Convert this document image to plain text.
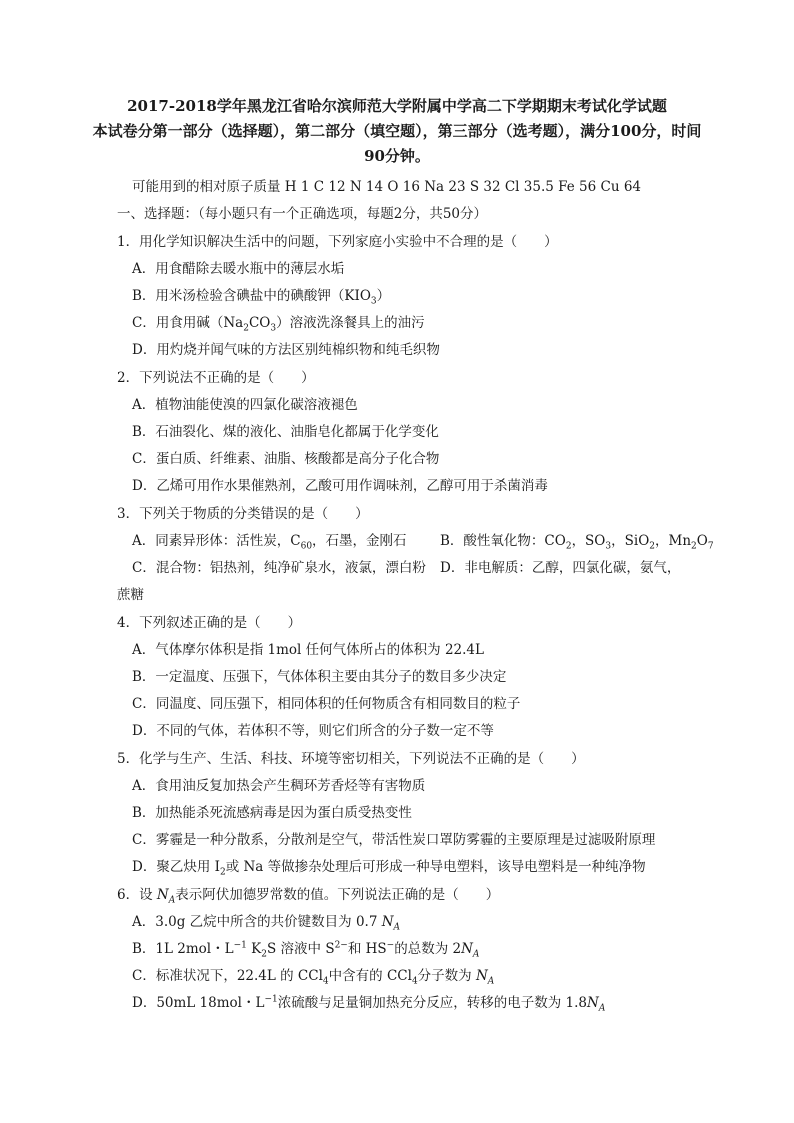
2017-2018学年黑龙江省哈尔滨师范大学附属中学高二下学期期末考试化学试题
本试卷分第一部分（选择题），第二部分（填空题），第三部分（选考题），满分100分，时间
90分钟。
可能用到的相对原子质量 H 1 C 12 N 14 O 16 Na 23 S 32 Cl 35.5 Fe 56 Cu 64
一、选择题：（每小题只有一个正确选项，每题2分，共50分）
1．用化学知识解决生活中的问题，下列家庭小实验中不合理的是（　　）
A．用食醋除去暖水瓶中的薄层水垢
B．用米汤检验含碘盐中的碘酸钾$(KIO_3)$
C．用食用碱$(Na_2CO_3)$溶液洗涤餐具上的油污
D．用灼烧并闻气味的方法区别纯棉织物和纯毛织物
2．下列说法不正确的是（　　）
A．植物油能使溴的四氯化碳溶液褪色
B．石油裂化、煤的液化、油脂皂化都属于化学变化
C．蛋白质、纤维素、油脂、核酸都是高分子化合物
D．乙烯可用作水果催熟剂，乙酸可用作调味剂，乙醇可用于杀菌消毒
3．下列关于物质的分类错误的是（　　）
A．同素异形体：活性炭，$C_{60}$，石墨，金刚石 B．酸性氧化物：$CO_2$，$SO_3$，SiO$_2$，$Mn_2O_7$
C．混合物：铝热剂，纯净矿泉水，液氯，漂白粉 D．非电解质：乙醇，四氯化碳，氨气，
蔗糖
4．下列叙述正确的是（　　）
A．气体摩尔体积是指 1mol 任何气体所占的体积为 22.4L
B．一定温度、压强下，气体体积主要由其分子的数目多少决定
C．同温度、同压强下，相同体积的任何物质含有相同数目的粒子
D．不同的气体，若体积不等，则它们所含的分子数一定不等
5．化学与生产、生活、科技、环境等密切相关，下列说法不正确的是（　　）
A．食用油反复加热会产生稠环芳香烃等有害物质
B．加热能杀死流感病毒是因为蛋白质受热变性
C．雾霾是一种分散系，分散剂是空气，带活性炭口罩防雾霾的主要原理是过滤吸附原理
D．聚乙炔用 $I_2$或 Na 等做掺杂处理后可形成一种导电塑料，该导电塑料是一种纯净物
6．设 $N_A$表示阿伏加德罗常数的值。下列说法正确的是（　　）
A．3.0g 乙烷中所含的共价键数目为 0.7 $N_A$
B．1L 2mol・$L^{-1}$ $K_2S$ 溶液中 $S^{2-}$和 HS−的总数为 $2N_A$
C．标准状况下，22.4L 的 CCl$_4$中含有的 CCl$_4$分子数为 $N_A$
D．50mL 18mol・$L^{-1}$浓硫酸与足量铜加热充分反应，转移的电子数为 $1.8N_A$
